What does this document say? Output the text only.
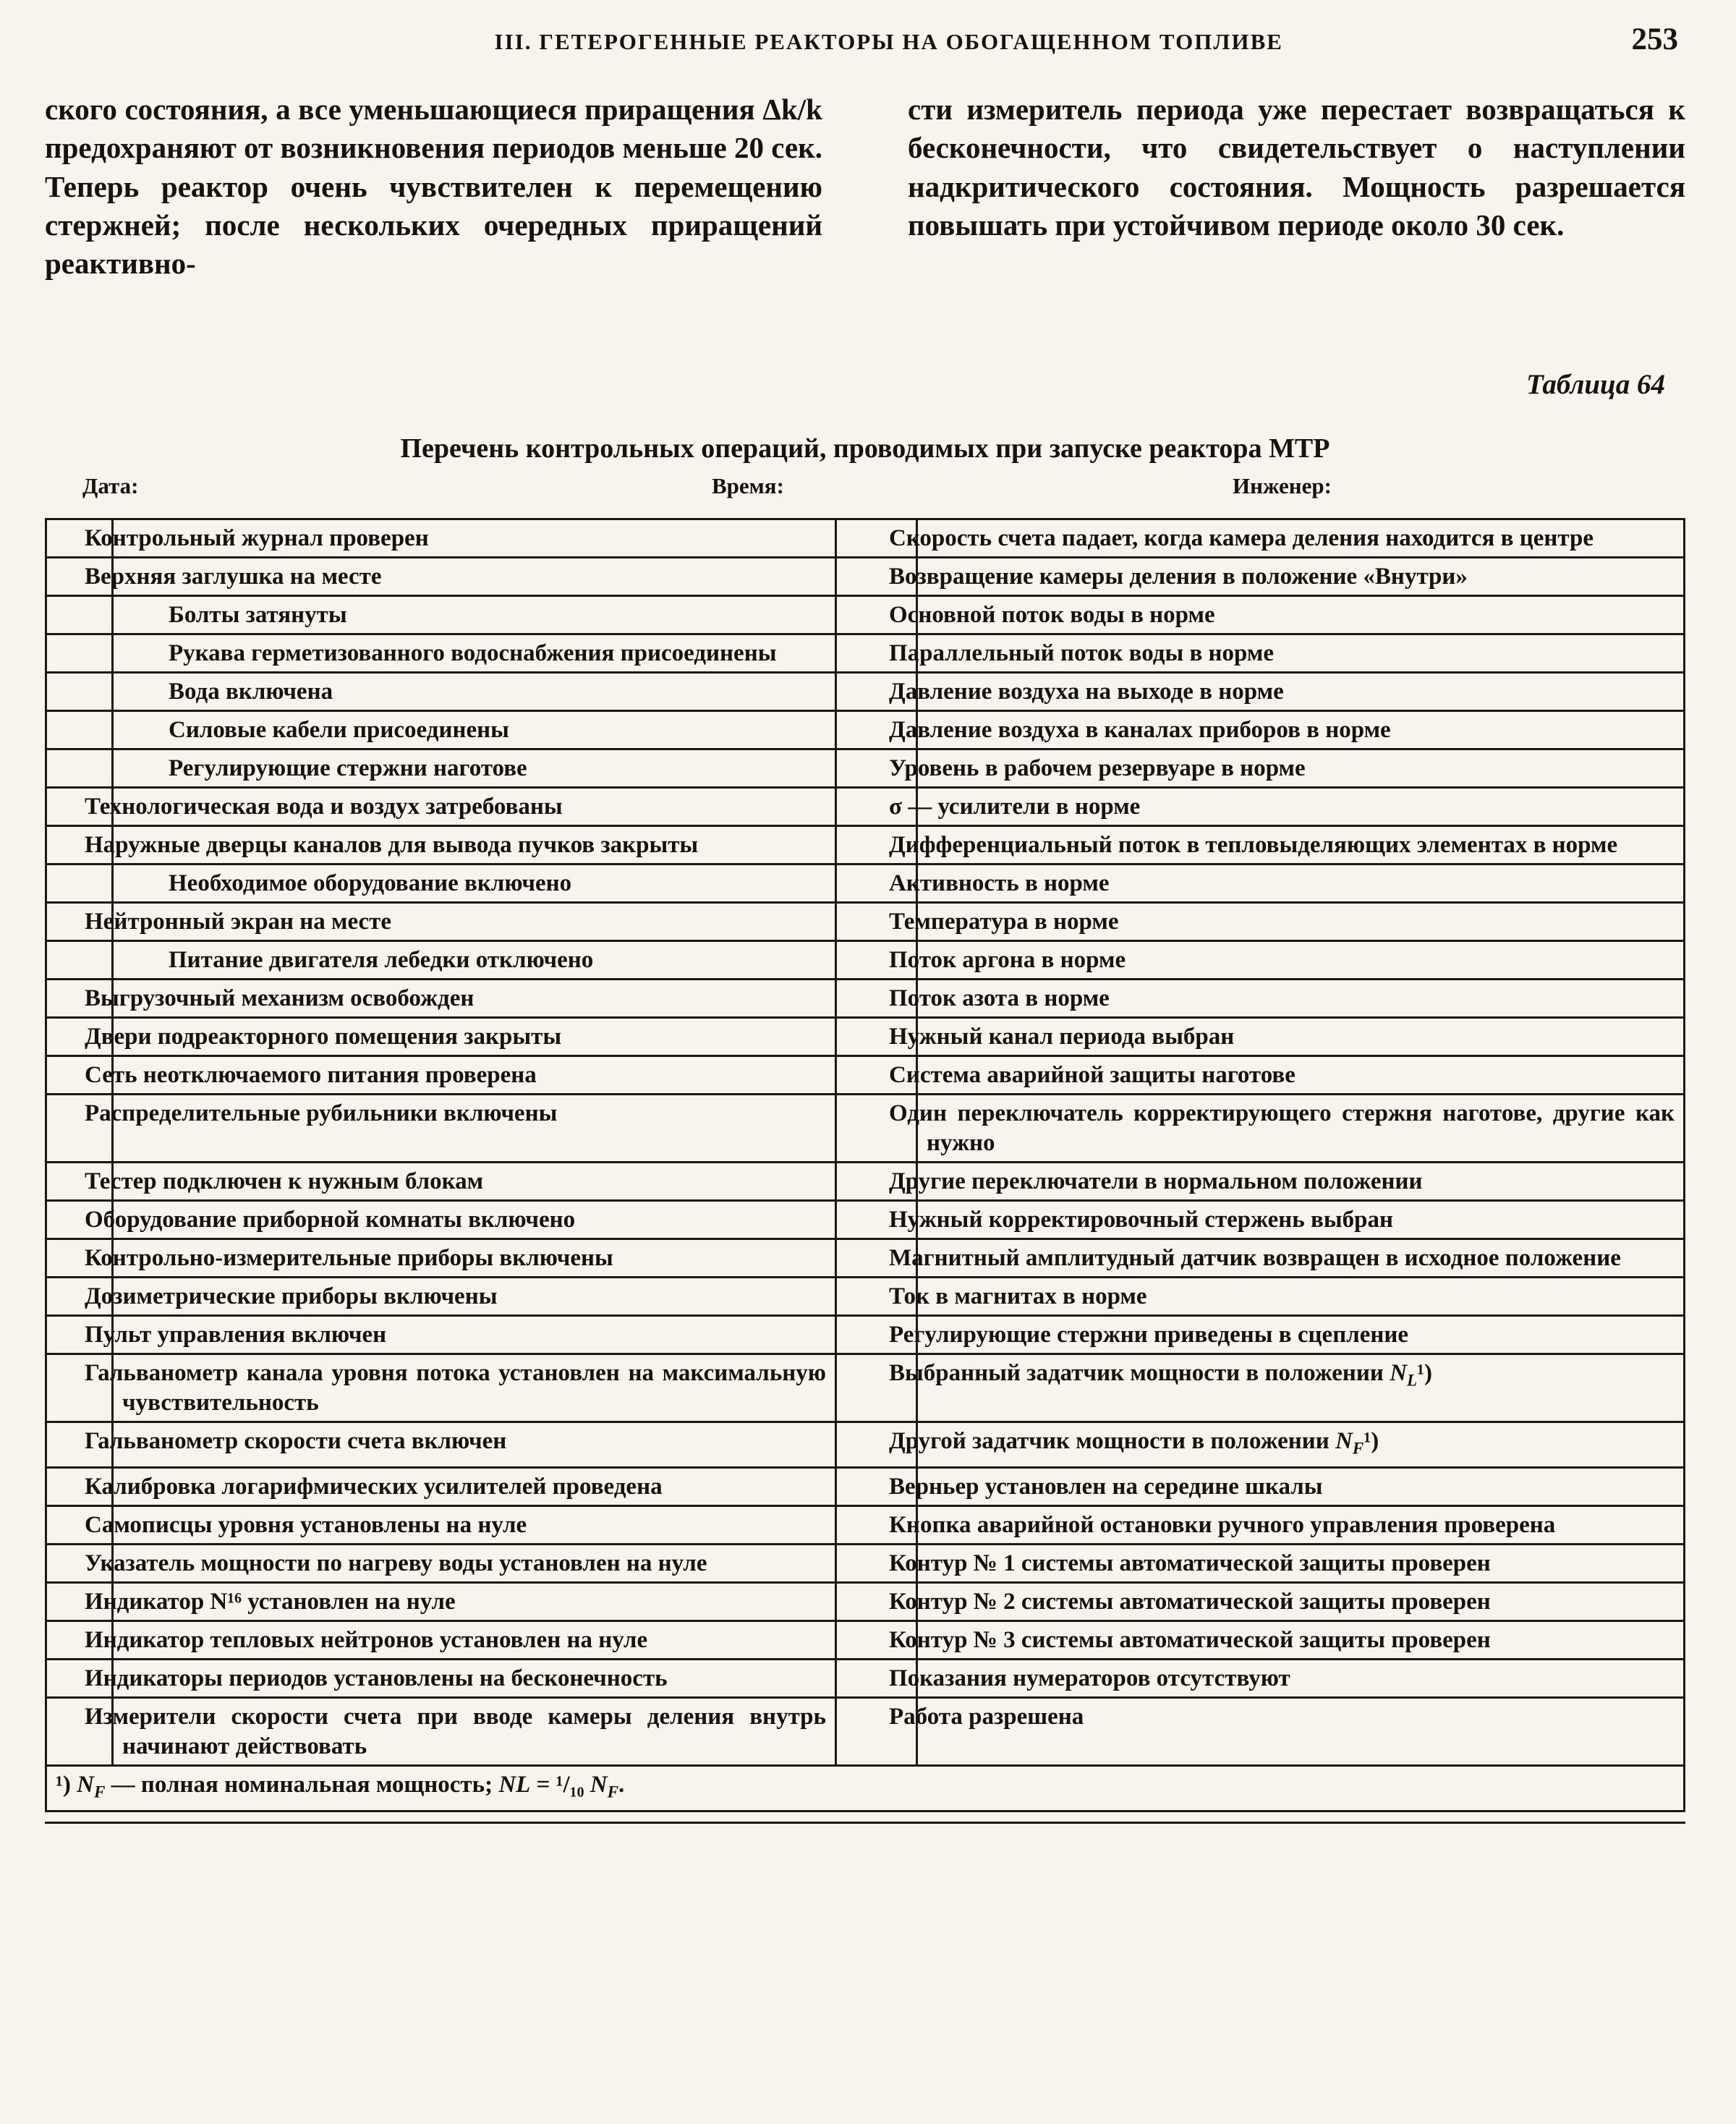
III. ГЕТЕРОГЕННЫЕ РЕАКТОРЫ НА ОБОГАЩЕННОМ ТОПЛИВЕ	253
ского состояния, а все уменьшающиеся приращения Δk/k предохраняют от возникновения периодов меньше 20 сек. Теперь реактор очень чувствителен к перемещению стержней; после нескольких очередных приращений реактивно-
сти измеритель периода уже перестает возвращаться к бесконечности, что свидетельствует о наступлении надкритического состояния. Мощность разрешается повышать при устойчивом периоде около 30 сек.
Таблица 64
Перечень контрольных операций, проводимых при запуске реактора МТР
Дата:	Время:	Инженер:
	Контрольный журнал проверен		Скорость счета падает, когда камера деления находится в центре
	Верхняя заглушка на месте		Возвращение камеры деления в положение «Внутри»
	Болты затянуты		Основной поток воды в норме
	Рукава герметизованного водоснабжения присоединены		Параллельный поток воды в норме
	Вода включена		Давление воздуха на выходе в норме
	Силовые кабели присоединены		Давление воздуха в каналах приборов в норме
	Регулирующие стержни наготове		Уровень в рабочем резервуаре в норме
	Технологическая вода и воздух затребованы		σ — усилители в норме
	Наружные дверцы каналов для вывода пучков закрыты		Дифференциальный поток в тепловыделяющих элементах в норме
	Необходимое оборудование включено		Активность в норме
	Нейтронный экран на месте		Температура в норме
	Питание двигателя лебедки отключено		Поток аргона в норме
	Выгрузочный механизм освобожден		Поток азота в норме
	Двери подреакторного помещения закрыты		Нужный канал периода выбран
	Сеть неотключаемого питания проверена		Система аварийной защиты наготове
	Распределительные рубильники включены		Один переключатель корректирующего стержня наготове, другие как нужно
	Тестер подключен к нужным блокам		Другие переключатели в нормальном положении
	Оборудование приборной комнаты включено		Нужный корректировочный стержень выбран
	Контрольно-измерительные приборы включены		Магнитный амплитудный датчик возвращен в исходное положение
	Дозиметрические приборы включены		Ток в магнитах в норме
	Пульт управления включен		Регулирующие стержни приведены в сцепление
	Гальванометр канала уровня потока установлен на максимальную чувствительность		Выбранный задатчик мощности в положении $N_L^1$)
	Гальванометр скорости счета включен		Другой задатчик мощности в положении $N_F^1$)
	Калибровка логарифмических усилителей проведена		Верньер установлен на середине шкалы
	Самописцы уровня установлены на нуле		Кнопка аварийной остановки ручного управления проверена
	Указатель мощности по нагреву воды установлен на нуле		Контур № 1 системы автоматической защиты проверен
	Индикатор N¹⁶ установлен на нуле		Контур № 2 системы автоматической защиты проверен
	Индикатор тепловых нейтронов установлен на нуле		Контур № 3 системы автоматической защиты проверен
	Индикаторы периодов установлены на бесконечность		Показания нумераторов отсутствуют
	Измерители скорости счета при вводе камеры деления внутрь начинают действовать		Работа разрешена
¹) $N_F$ — полная номинальная мощность; NL = ¹/₁₀ $N_F$.			
